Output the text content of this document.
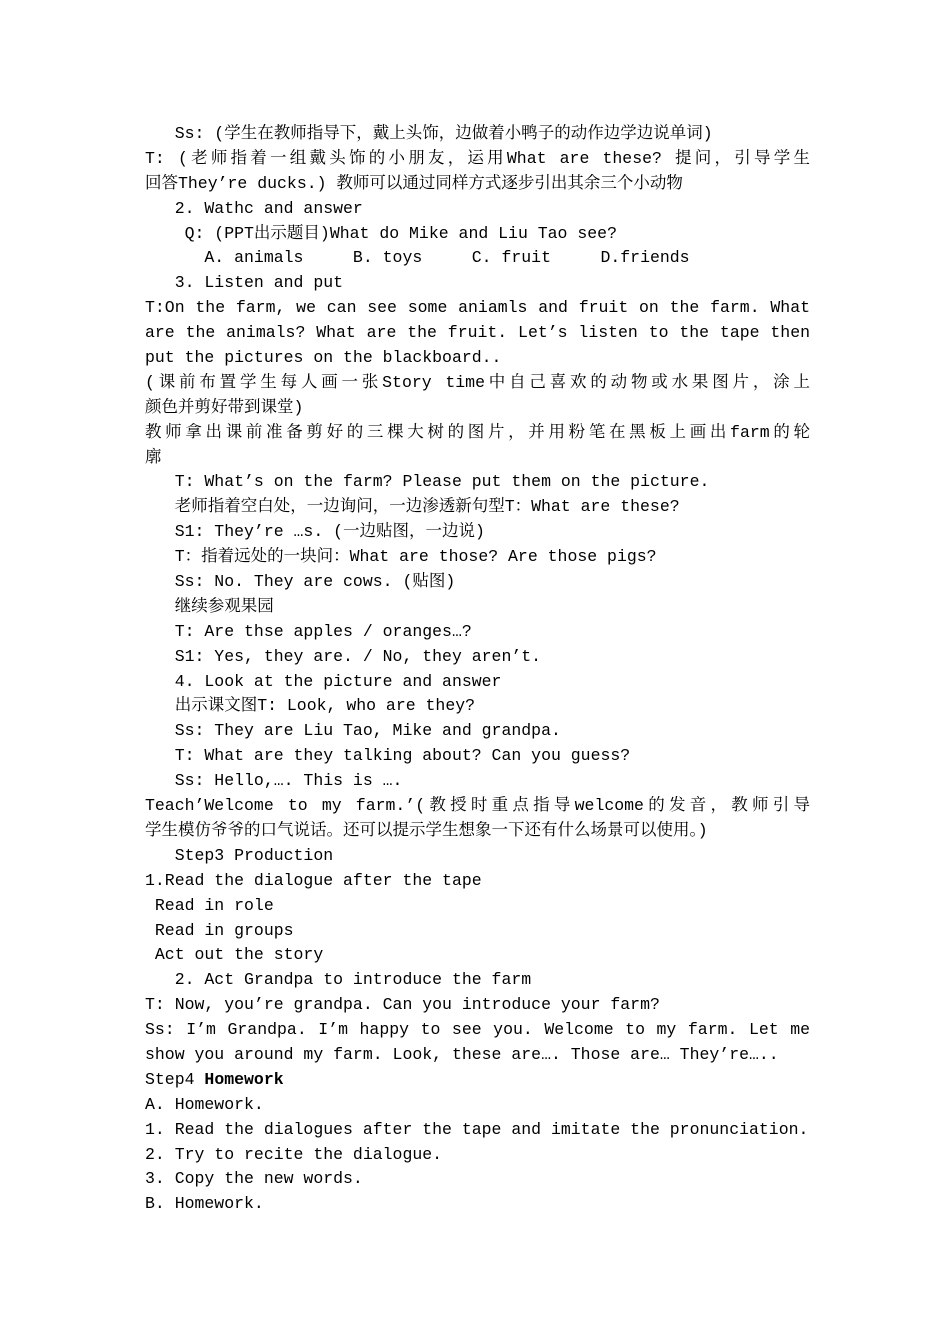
Ss: (学生在教师指导下，戴上头饰，边做着小鸭子的动作边学边说单词)
T: (老师指着一组戴头饰的小朋友，运用What are these? 提问，引导学生
回答They’re ducks.) 教师可以通过同样方式逐步引出其余三个小动物
2. Wathc and answer
Q: (PPT出示题目)What do Mike and Liu Tao see?
A. animals     B. toys     C. fruit     D.friends
3. Listen and put
T:On the farm, we can see some aniamls and fruit on the farm. What
are the animals? What are the fruit. Let’s listen to the tape then
put the pictures on the blackboard..
(课前布置学生每人画一张Story time中自己喜欢的动物或水果图片，涂上
颜色并剪好带到课堂)
教师拿出课前准备剪好的三棵大树的图片，并用粉笔在黑板上画出farm的轮
廓
T: What’s on the farm? Please put them on the picture.
老师指着空白处，一边询问，一边渗透新句型T：What are these?
S1: They’re …s. (一边贴图，一边说)
T：指着远处的一块问：What are those? Are those pigs?
Ss: No. They are cows. (贴图)
继续参观果园
T: Are thse apples / oranges…?
S1: Yes, they are. / No, they aren’t.
4. Look at the picture and answer
出示课文图T: Look, who are they?
Ss: They are Liu Tao, Mike and grandpa.
T: What are they talking about? Can you guess?
Ss: Hello,…. This is ….
Teach’Welcome to my farm.’(教授时重点指导welcome的发音，教师引导
学生模仿爷爷的口气说话。还可以提示学生想象一下还有什么场景可以使用。)
Step3 Production
1.Read the dialogue after the tape
Read in role
Read in groups
Act out the story
2. Act Grandpa to introduce the farm
T: Now, you’re grandpa. Can you introduce your farm?
Ss: I’m Grandpa. I’m happy to see you. Welcome to my farm. Let me
show you around my farm. Look, these are…. Those are… They’re…..
Step4 Homework
A. Homework.
1. Read the dialogues after the tape and imitate the pronunciation.
2. Try to recite the dialogue.
3. Copy the new words.
B. Homework.
